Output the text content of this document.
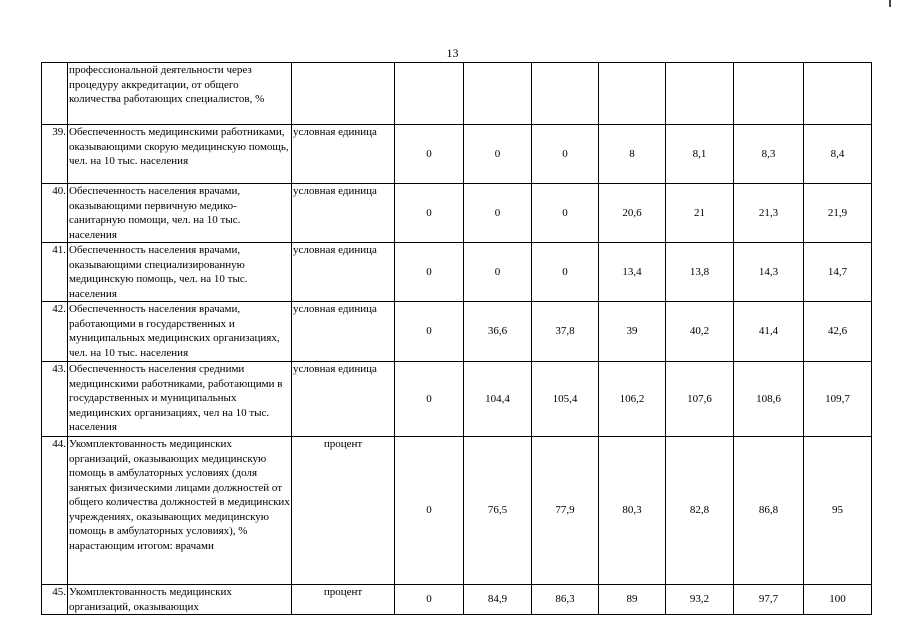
13
	профессиональной деятельности через процедуру аккредитации, от общего количества работающих специалистов, %								
39.	Обеспеченность медицинскими работниками, оказывающими скорую медицинскую помощь, чел. на 10 тыс. населения	условная единица	0	0	0	8	8,1	8,3	8,4
40.	Обеспеченность населения врачами, оказывающими первичную медико-санитарную помощи, чел. на 10 тыс. населения	условная единица	0	0	0	20,6	21	21,3	21,9
41.	Обеспеченность населения врачами, оказывающими специализированную медицинскую помощь, чел. на 10 тыс. населения	условная единица	0	0	0	13,4	13,8	14,3	14,7
42.	Обеспеченность населения врачами, работающими в государственных и муниципальных медицинских организациях, чел. на 10 тыс. населения	условная единица	0	36,6	37,8	39	40,2	41,4	42,6
43.	Обеспеченность населения средними медицинскими работниками, работающими в государственных и муниципальных медицинских организациях, чел на 10 тыс. населения	условная единица	0	104,4	105,4	106,2	107,6	108,6	109,7
44.	Укомплектованность медицинских организаций, оказывающих медицинскую помощь в амбулаторных условиях (доля занятых физическими лицами должностей от общего количества должностей в медицинских учреждениях, оказывающих медицинскую помощь в амбулаторных условиях), % нарастающим итогом: врачами	процент	0	76,5	77,9	80,3	82,8	86,8	95
45.	Укомплектованность медицинских организаций, оказывающих	процент	0	84,9	86,3	89	93,2	97,7	100
